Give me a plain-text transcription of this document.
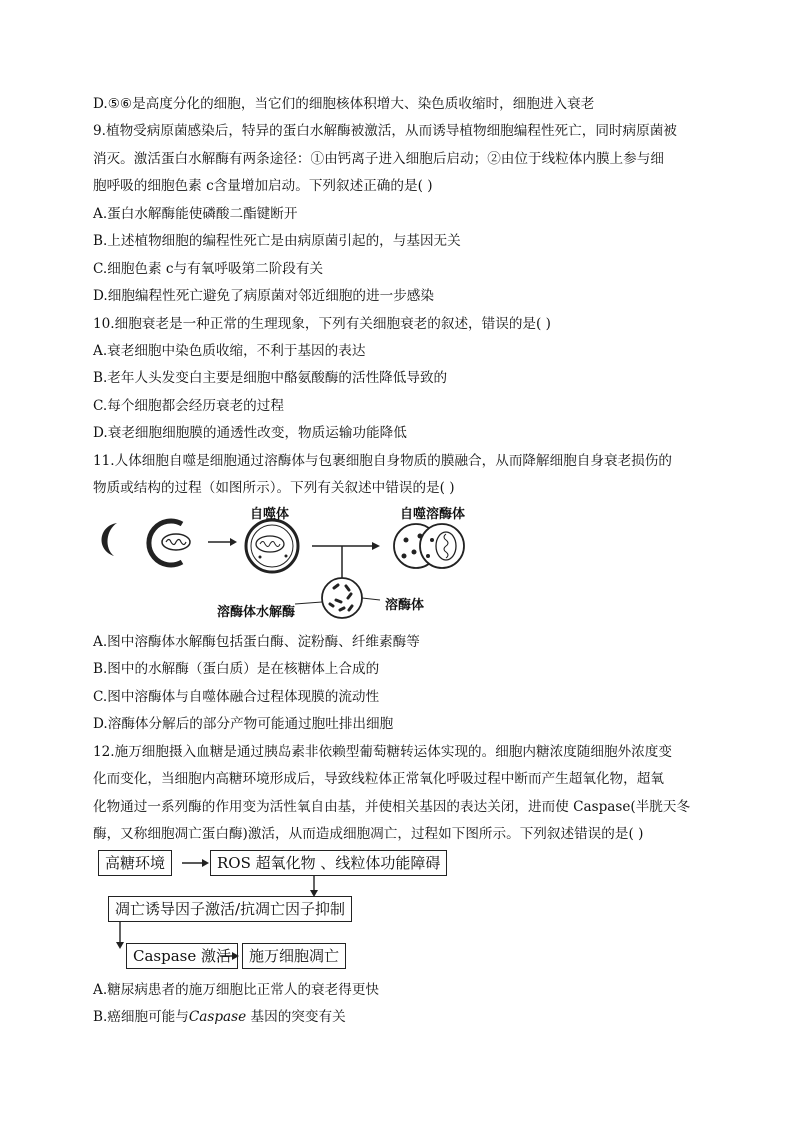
D.⑤⑥是高度分化的细胞，当它们的细胞核体积增大、染色质收缩时，细胞进入衰老
9.植物受病原菌感染后，特异的蛋白水解酶被激活，从而诱导植物细胞编程性死亡，同时病原菌被
消灭。激活蛋白水解酶有两条途径：①由钙离子进入细胞后启动；②由位于线粒体内膜上参与细
胞呼吸的细胞色素 c含量增加启动。下列叙述正确的是( )
A.蛋白水解酶能使磷酸二酯键断开
B.上述植物细胞的编程性死亡是由病原菌引起的，与基因无关
C.细胞色素 c与有氧呼吸第二阶段有关
D.细胞编程性死亡避免了病原菌对邻近细胞的进一步感染
10.细胞衰老是一种正常的生理现象，下列有关细胞衰老的叙述，错误的是( )
A.衰老细胞中染色质收缩，不利于基因的表达
B.老年人头发变白主要是细胞中酪氨酸酶的活性降低导致的
C.每个细胞都会经历衰老的过程
D.衰老细胞细胞膜的通透性改变，物质运输功能降低
11.人体细胞自噬是细胞通过溶酶体与包裹细胞自身物质的膜融合，从而降解细胞自身衰老损伤的
物质或结构的过程（如图所示）。下列有关叙述中错误的是( )
自噬体	自噬溶酶体
溶酶体水解酶	溶酶体
A.图中溶酶体水解酶包括蛋白酶、淀粉酶、纤维素酶等
B.图中的水解酶（蛋白质）是在核糖体上合成的
C.图中溶酶体与自噬体融合过程体现膜的流动性
D.溶酶体分解后的部分产物可能通过胞吐排出细胞
12.施万细胞摄入血糖是通过胰岛素非依赖型葡萄糖转运体实现的。细胞内糖浓度随细胞外浓度变
化而变化，当细胞内高糖环境形成后，导致线粒体正常氧化呼吸过程中断而产生超氧化物，超氧
化物通过一系列酶的作用变为活性氧自由基，并使相关基因的表达关闭，进而使 Caspase(半胱天冬
酶，又称细胞凋亡蛋白酶)激活，从而造成细胞凋亡，过程如下图所示。下列叙述错误的是( )
高糖环境	ROS 超氧化物 、线粒体功能障碍
凋亡诱导因子激活/抗凋亡因子抑制
Caspase 激活	施万细胞凋亡
A.糖尿病患者的施万细胞比正常人的衰老得更快
B.癌细胞可能与Caspase 基因的突变有关
